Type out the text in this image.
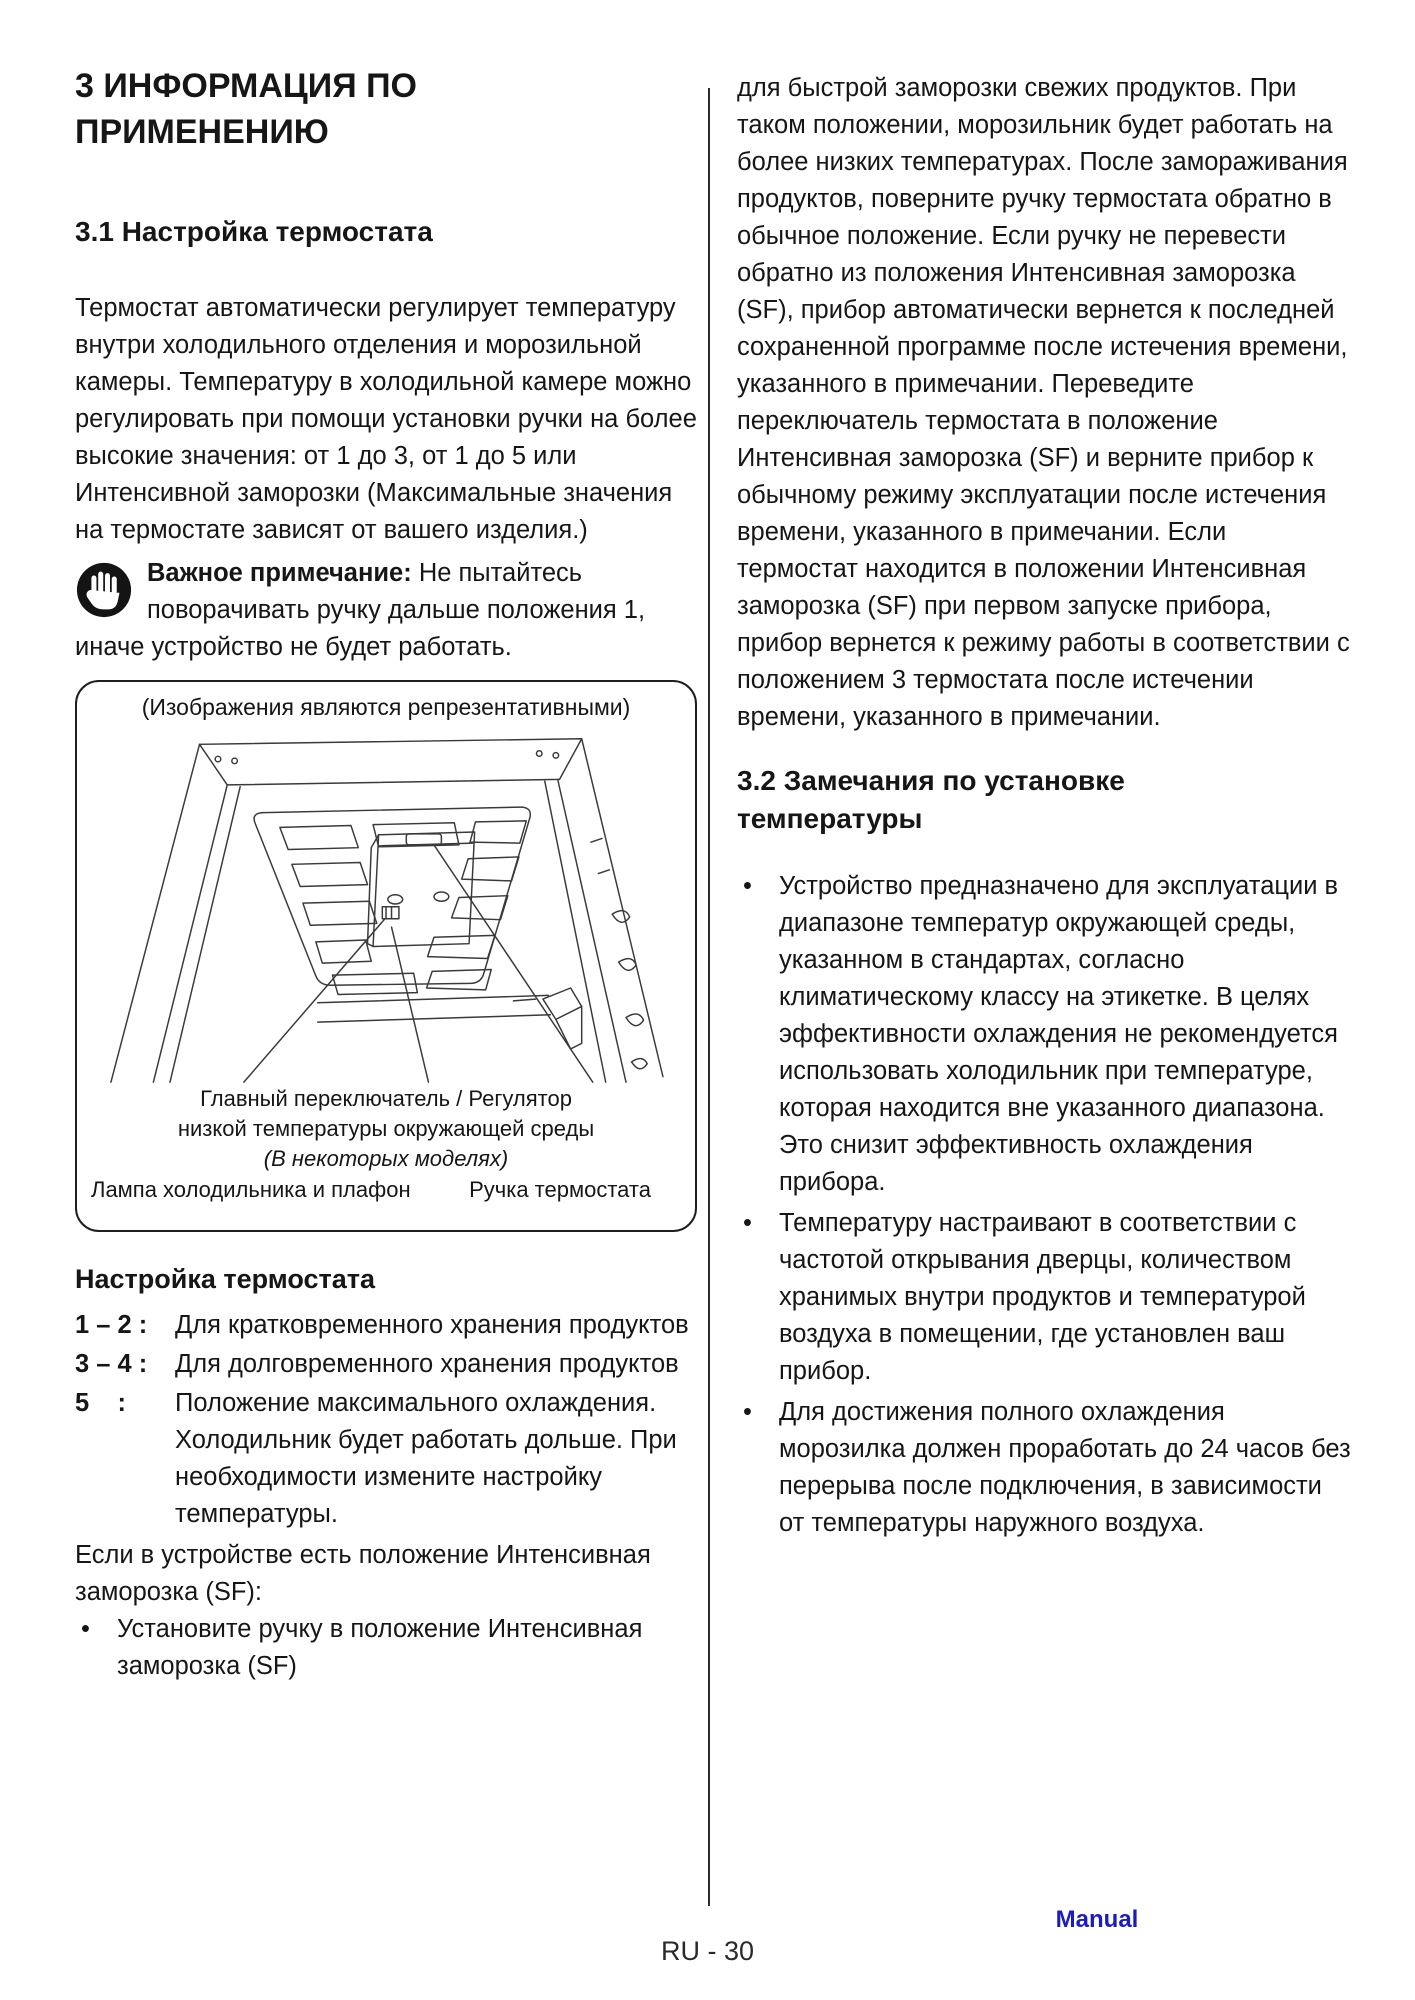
3 ИНФОРМАЦИЯ ПО ПРИМЕНЕНИЮ
3.1 Настройка термостата

Термостат автоматически регулирует температуру внутри холодильного отделения и морозильной камеры. Температуру в холодильной камере можно регулировать при помощи установки ручки на более высокие значения: от 1 до 3, от 1 до 5 или Интенсивной заморозки (Максимальные значения на термостате зависят от вашего изделия.)

Важное примечание: Не пытайтесь поворачивать ручку дальше положения 1, иначе устройство не будет работать.
(Изображения являются репрезентативными)
Главный переключатель / Регулятор
низкой температуры окружающей среды
(В некоторых моделях)
Лампа холодильника и плафон	Ручка термостата
Настройка термостата
1 – 2 :	Для кратковременного хранения продуктов
3 – 4 :	Для долговременного хранения продуктов
5    :	Положение максимального охлаждения. Холодильник будет работать дольше. При необходимости измените настройку температуры.

Если в устройстве есть положение Интенсивная заморозка (SF):

•	Установите ручку в положение Интенсивная заморозка (SF)

для быстрой заморозки свежих продуктов. При таком положении, морозильник будет работать на более низких температурах. После замораживания продуктов, поверните ручку термостата обратно в обычное положение. Если ручку не перевести обратно из положения Интенсивная заморозка (SF), прибор автоматически вернется к последней сохраненной программе после истечения времени, указанного в примечании. Переведите переключатель термостата в положение Интенсивная заморозка (SF) и верните прибор к обычному режиму эксплуатации после истечения времени, указанного в примечании. Если термостат находится в положении Интенсивная заморозка (SF) при первом запуске прибора, прибор вернется к режиму работы в соответствии с положением 3 термостата после истечении времени, указанного в примечании.

3.2 Замечания по установке температуры
•	Устройство предназначено для эксплуатации в диапазоне температур окружающей среды, указанном в стандартах, согласно климатическому классу на этикетке. В целях эффективности охлаждения не рекомендуется использовать холодильник при температуре, которая находится вне указанного диапазона. Это снизит эффективность охлаждения прибора.
•	Температуру настраивают в соответствии с частотой открывания дверцы, количеством хранимых внутри продуктов и температурой воздуха в помещении, где установлен ваш прибор.
•	Для достижения полного охлаждения морозилка должен проработать до 24 часов без перерыва после подключения, в зависимости от температуры наружного воздуха.
RU - 30
Manual
